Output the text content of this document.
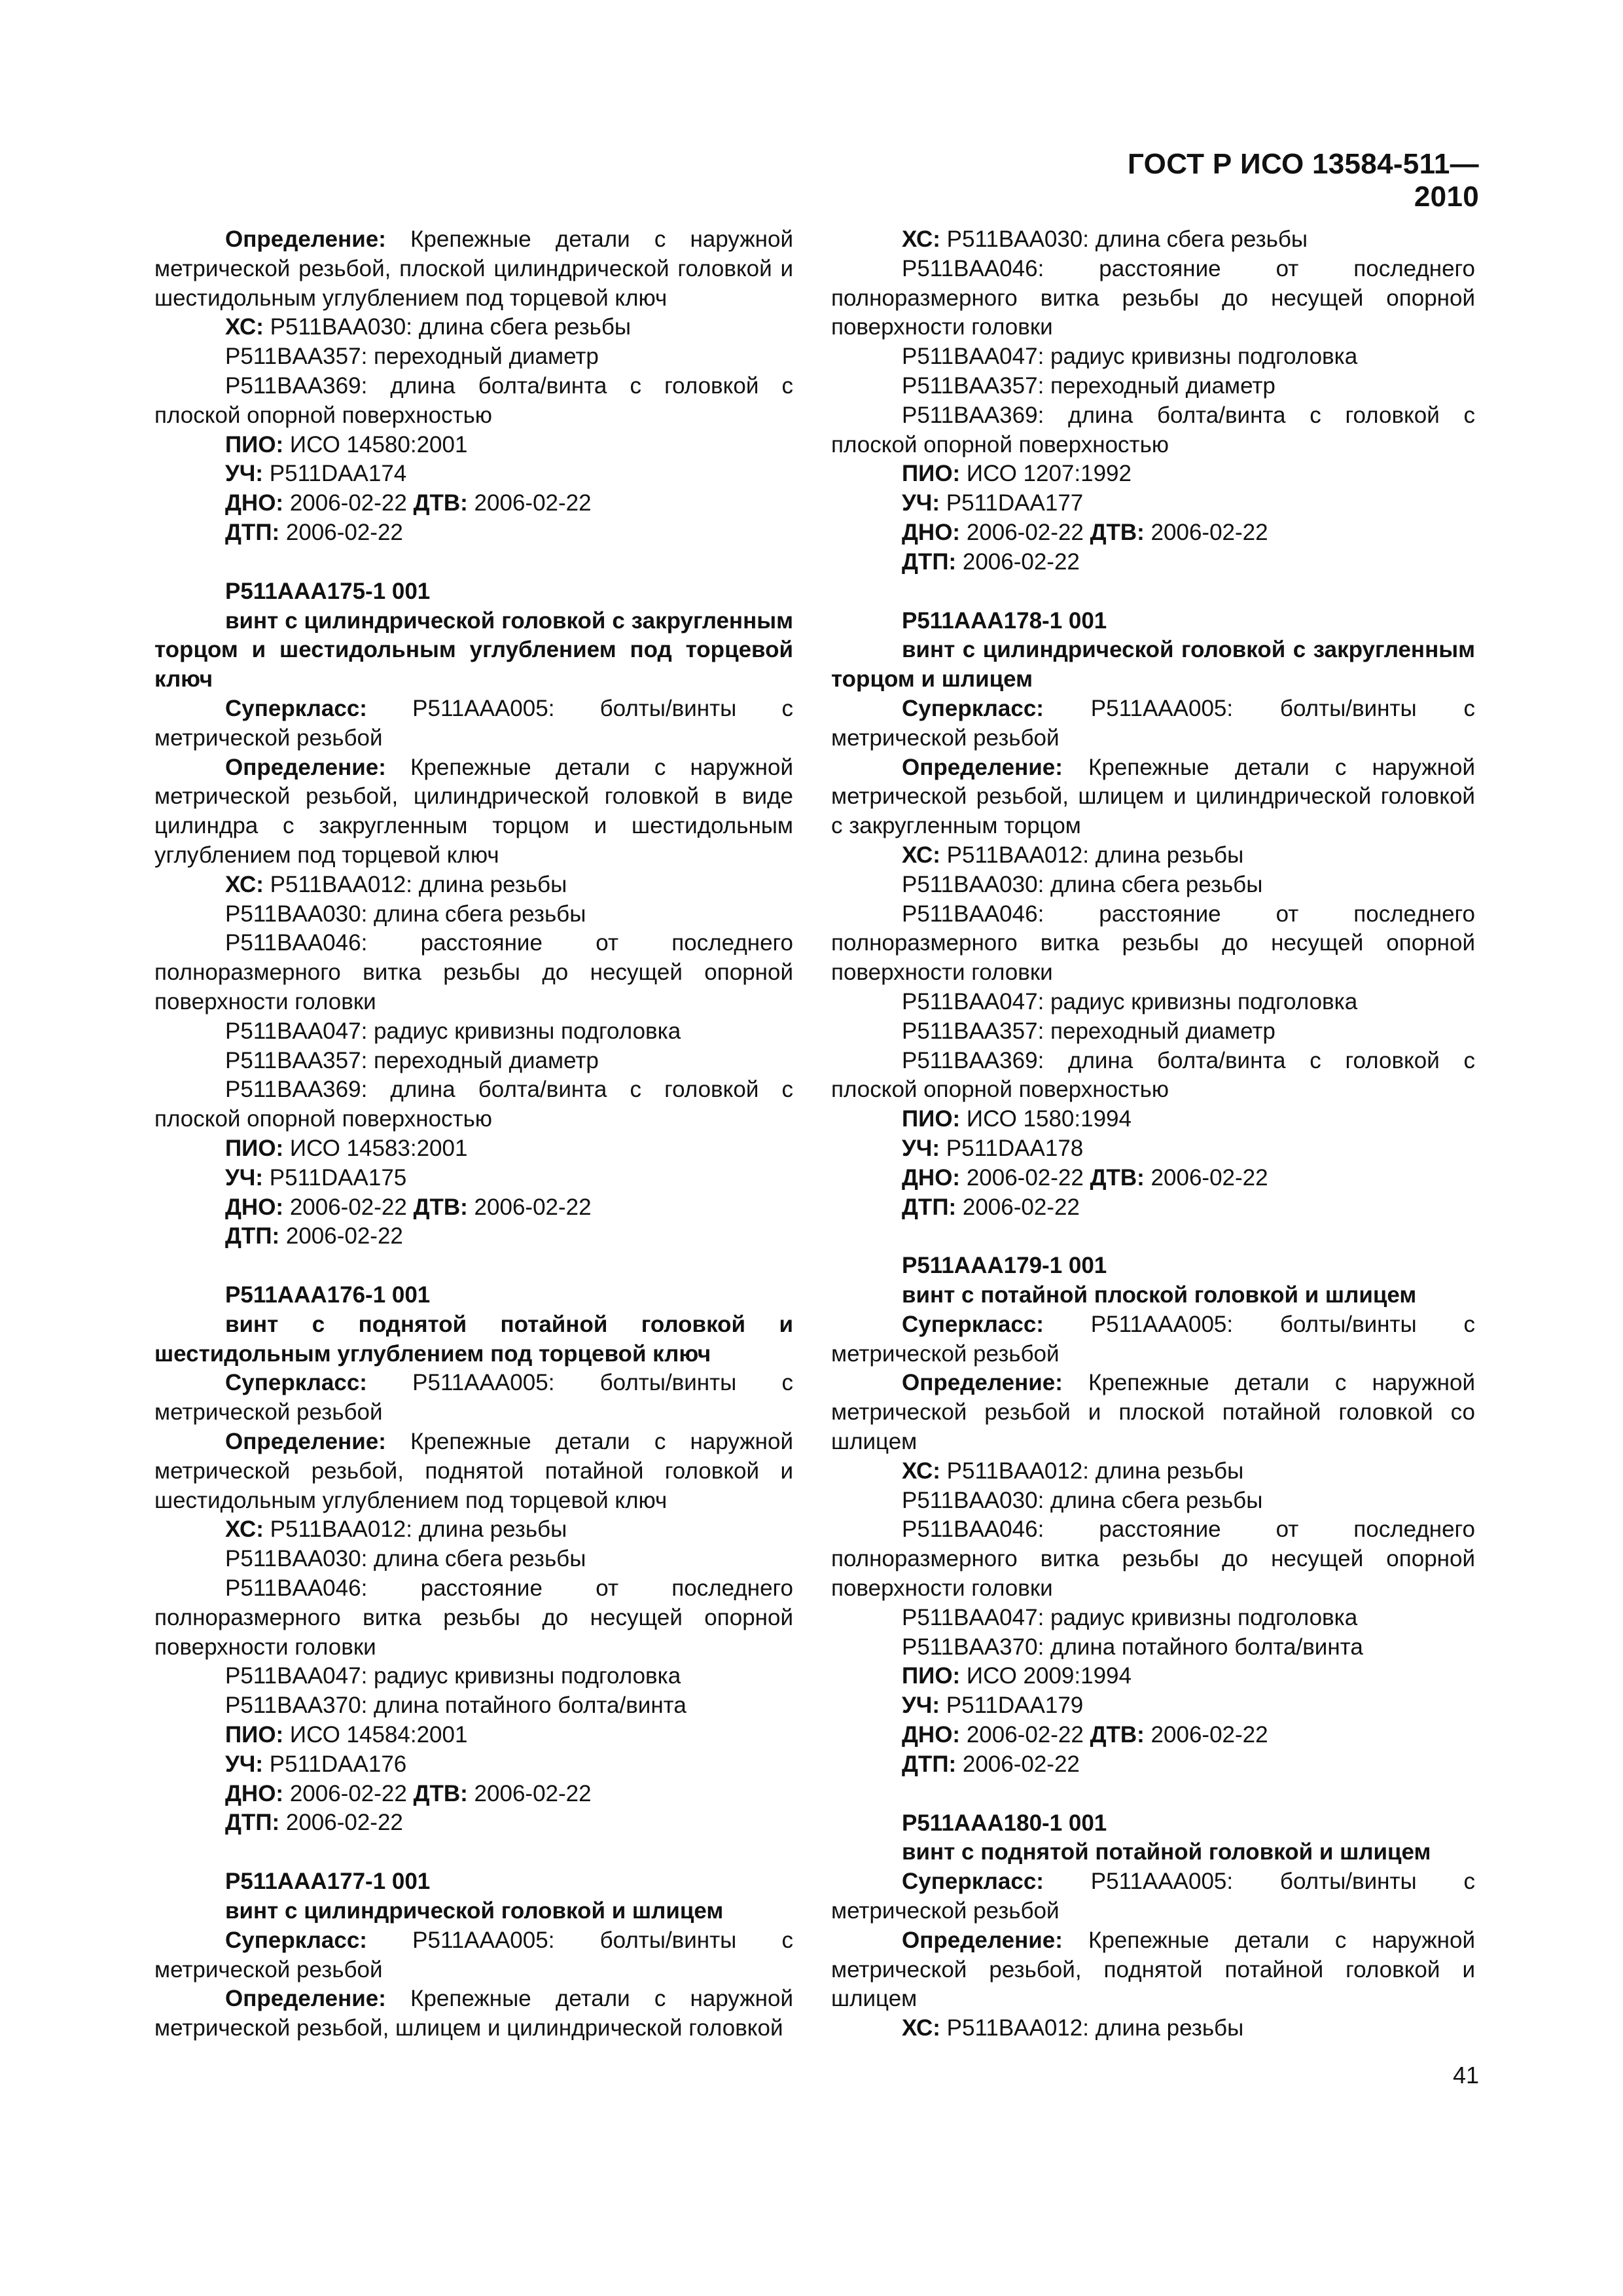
ГОСТ Р ИСО 13584-511—2010

Определение: Крепежные детали с наружной метрической резьбой, плоской цилиндрической головкой и шестидольным углублением под торцевой ключ

ХС: P511BAA030: длина сбега резьбы

P511BAA357: переходный диаметр

P511BAA369: длина болта/винта с головкой с плоской опорной поверхностью

ПИО: ИСО 14580:2001

УЧ: P511DAA174

ДНО: 2006-02-22 ДТВ: 2006-02-22

ДТП: 2006-02-22

P511AAA175-1 001

винт с цилиндрической головкой с закругленным торцом и шестидольным углублением под торцевой ключ

Суперкласс: P511AAA005: болты/винты с метрической резьбой

Определение: Крепежные детали с наружной метрической резьбой, цилиндрической головкой в виде цилиндра с закругленным торцом и шестидольным углублением под торцевой ключ

ХС: P511BAA012: длина резьбы

P511BAA030: длина сбега резьбы

P511BAA046: расстояние от последнего полноразмерного витка резьбы до несущей опорной поверхности головки

P511BAA047: радиус кривизны подголовка

P511BAA357: переходный диаметр

P511BAA369: длина болта/винта с головкой с плоской опорной поверхностью

ПИО: ИСО 14583:2001

УЧ: P511DAA175

ДНО: 2006-02-22 ДТВ: 2006-02-22

ДТП: 2006-02-22

P511AAA176-1 001

винт с поднятой потайной головкой и шестидольным углублением под торцевой ключ

Суперкласс: P511AAA005: болты/винты с метрической резьбой

Определение: Крепежные детали с наружной метрической резьбой, поднятой потайной головкой и шестидольным углублением под торцевой ключ

ХС: P511BAA012: длина резьбы

P511BAA030: длина сбега резьбы

P511BAA046: расстояние от последнего полноразмерного витка резьбы до несущей опорной поверхности головки

P511BAA047: радиус кривизны подголовка

P511BAA370: длина потайного болта/винта

ПИО: ИСО 14584:2001

УЧ: P511DAA176

ДНО: 2006-02-22 ДТВ: 2006-02-22

ДТП: 2006-02-22

P511AAA177-1 001

винт с цилиндрической головкой и шлицем

Суперкласс: P511AAA005: болты/винты с метрической резьбой

Определение: Крепежные детали с наружной метрической резьбой, шлицем и цилиндрической головкой

ХС: P511BAA030: длина сбега резьбы

P511BAA046: расстояние от последнего полноразмерного витка резьбы до несущей опорной поверхности головки

P511BAA047: радиус кривизны подголовка

P511BAA357: переходный диаметр

P511BAA369: длина болта/винта с головкой с плоской опорной поверхностью

ПИО: ИСО 1207:1992

УЧ: P511DAA177

ДНО: 2006-02-22 ДТВ: 2006-02-22

ДТП: 2006-02-22

P511AAA178-1 001

винт с цилиндрической головкой с закругленным торцом и шлицем

Суперкласс: P511AAA005: болты/винты с метрической резьбой

Определение: Крепежные детали с наружной метрической резьбой, шлицем и цилиндрической головкой с закругленным торцом

ХС: P511BAA012: длина резьбы

P511BAA030: длина сбега резьбы

P511BAA046: расстояние от последнего полноразмерного витка резьбы до несущей опорной поверхности головки

P511BAA047: радиус кривизны подголовка

P511BAA357: переходный диаметр

P511BAA369: длина болта/винта с головкой с плоской опорной поверхностью

ПИО: ИСО 1580:1994

УЧ: P511DAA178

ДНО: 2006-02-22 ДТВ: 2006-02-22

ДТП: 2006-02-22

P511AAA179-1 001

винт с потайной плоской головкой и шлицем

Суперкласс: P511AAA005: болты/винты с метрической резьбой

Определение: Крепежные детали с наружной метрической резьбой и плоской потайной головкой со шлицем

ХС: P511BAA012: длина резьбы

P511BAA030: длина сбега резьбы

P511BAA046: расстояние от последнего полноразмерного витка резьбы до несущей опорной поверхности головки

P511BAA047: радиус кривизны подголовка

P511BAA370: длина потайного болта/винта

ПИО: ИСО 2009:1994

УЧ: P511DAA179

ДНО: 2006-02-22 ДТВ: 2006-02-22

ДТП: 2006-02-22

P511AAA180-1 001

винт с поднятой потайной головкой и шлицем

Суперкласс: P511AAA005: болты/винты с метрической резьбой

Определение: Крепежные детали с наружной метрической резьбой, поднятой потайной головкой и шлицем

ХС: P511BAA012: длина резьбы

41
